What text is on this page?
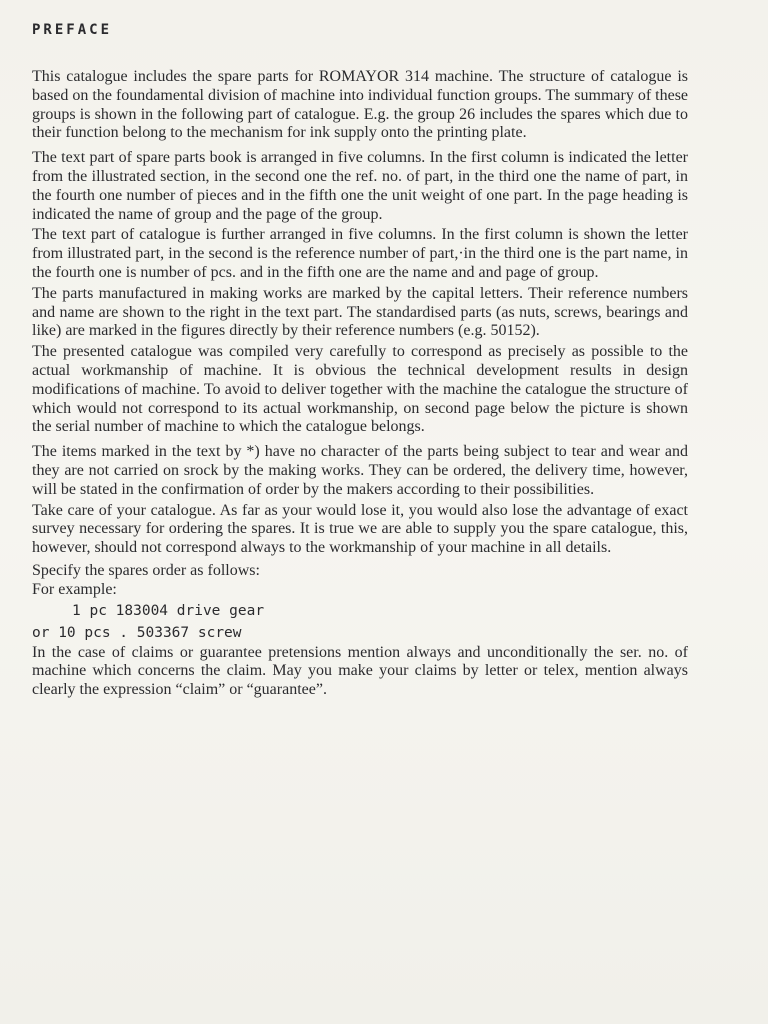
PREFACE

This catalogue includes the spare parts for ROMAYOR 314 machine. The structure of catalogue is based on the foundamental division of machine into individual function groups. The summary of these groups is shown in the following part of catalogue. E.g. the group 26 includes the spares which due to their function belong to the mechanism for ink supply onto the printing plate.

The text part of spare parts book is arranged in five columns. In the first column is indicated the letter from the illustrated section, in the second one the ref. no. of part, in the third one the name of part, in the fourth one number of pieces and in the fifth one the unit weight of one part. In the page heading is indicated the name of group and the page of the group.

The text part of catalogue is further arranged in five columns. In the first column is shown the letter from illustrated part, in the second is the reference number of part,·in the third one is the part name, in the fourth one is number of pcs. and in the fifth one are the name and and page of group.

The parts manufactured in making works are marked by the capital letters. Their reference numbers and name are shown to the right in the text part. The standardised parts (as nuts, screws, bearings and like) are marked in the figures directly by their reference numbers (e.g. 50152).

The presented catalogue was compiled very carefully to correspond as precisely as possible to the actual workmanship of machine. It is obvious the technical development results in design modifications of machine. To avoid to deliver together with the machine the catalogue the structure of which would not correspond to its actual workmanship, on second page below the picture is shown the serial number of machine to which the catalogue belongs.

The items marked in the text by *) have no character of the parts being subject to tear and wear and they are not carried on srock by the making works. They can be ordered, the delivery time, however, will be stated in the confirmation of order by the makers according to their possibilities.

Take care of your catalogue. As far as your would lose it, you would also lose the advantage of exact survey necessary for ordering the spares. It is true we are able to supply you the spare catalogue, this, however, should not correspond always to the workmanship of your machine in all details.

Specify the spares order as follows:

For example:

1 pc 183004 drive gear

or 10 pcs . 503367 screw

In the case of claims or guarantee pretensions mention always and unconditionally the ser. no. of machine which concerns the claim. May you make your claims by letter or telex, mention always clearly the expression “claim” or “guarantee”.
